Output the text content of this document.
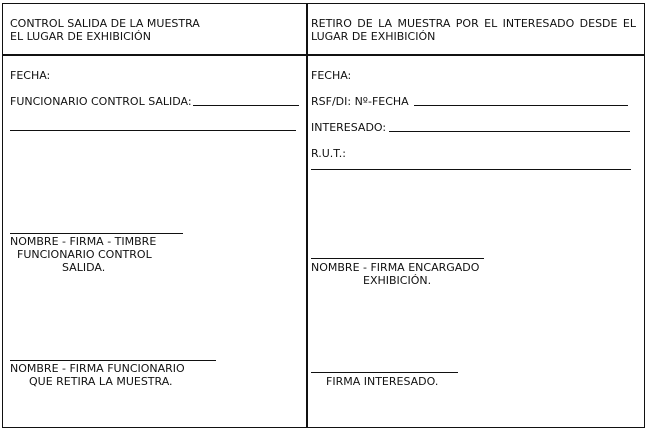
CONTROL SALIDA DE LA MUESTRA
EL LUGAR DE EXHIBICIÓN
FECHA:
FUNCIONARIO CONTROL SALIDA:
NOMBRE - FIRMA - TIMBRE
FUNCIONARIO CONTROL
SALIDA.
NOMBRE - FIRMA FUNCIONARIO
QUE RETIRA LA MUESTRA.
RETIRO DE LA MUESTRA POR EL INTERESADO DESDE EL
LUGAR DE EXHIBICIÓN
FECHA:
RSF/DI: Nº-FECHA
INTERESADO:
R.U.T.:
NOMBRE - FIRMA ENCARGADO
EXHIBICIÓN.
FIRMA INTERESADO.
